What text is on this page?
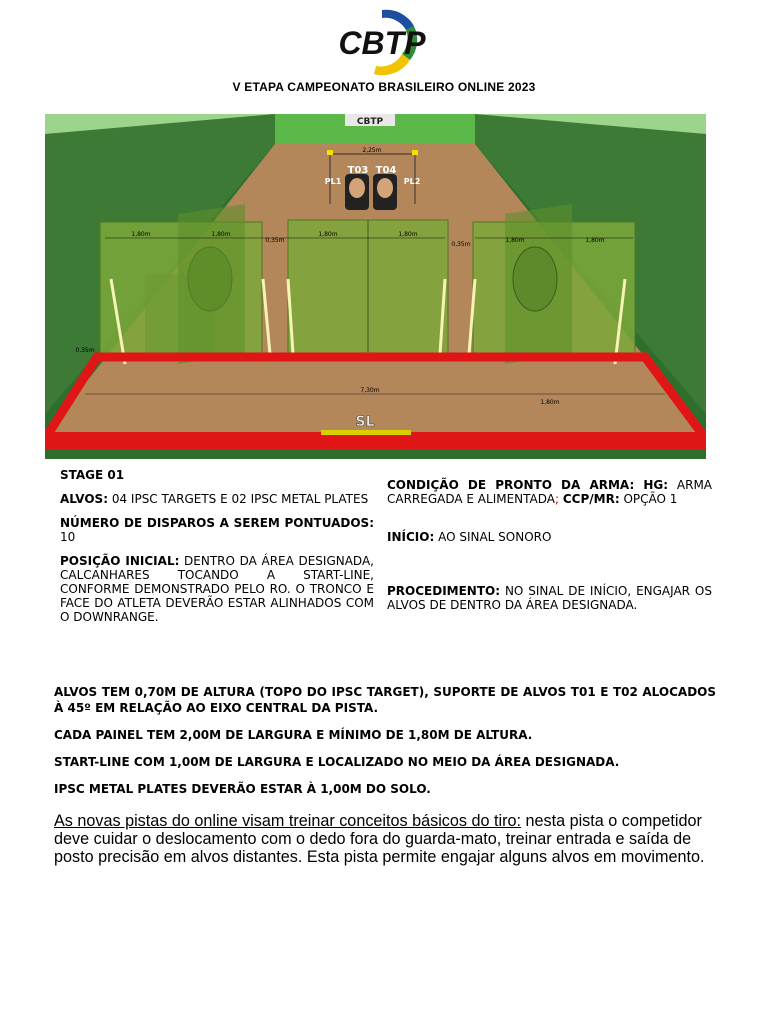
CBTP
V ETAPA CAMPEONATO BRASILEIRO ONLINE 2023
CBTP
2,25m
PL1	PL2
T03 T04
1,80m	1,80m
0,35m
1,80m	1,80m
0,35m
1,80m	1,80m
7,30m
1,80m
0,35m
SL

STAGE 01

ALVOS: 04 IPSC TARGETS E 02 IPSC METAL PLATES

NÚMERO DE DISPAROS A SEREM PONTUADOS: 10

POSIÇÃO INICIAL: DENTRO DA ÁREA DESIGNADA, CALCANHARES TOCANDO A START-LINE, CONFORME DEMONSTRADO PELO RO. O TRONCO E FACE DO ATLETA DEVERÃO ESTAR ALINHADOS COM O DOWNRANGE.

CONDIÇÃO DE PRONTO DA ARMA: HG: ARMA CARREGADA E ALIMENTADA; CCP/MR: OPÇÃO 1

INÍCIO: AO SINAL SONORO

PROCEDIMENTO: NO SINAL DE INÍCIO, ENGAJAR OS ALVOS DE DENTRO DA ÁREA DESIGNADA.

ALVOS TEM 0,70M DE ALTURA (TOPO DO IPSC TARGET), SUPORTE DE ALVOS T01 E T02 ALOCADOS À 45º EM RELAÇÃO AO EIXO CENTRAL DA PISTA.

CADA PAINEL TEM 2,00M DE LARGURA E MÍNIMO DE 1,80M DE ALTURA.

START-LINE COM 1,00M DE LARGURA E LOCALIZADO NO MEIO DA ÁREA DESIGNADA.

IPSC METAL PLATES DEVERÃO ESTAR À 1,00M DO SOLO.

As novas pistas do online visam treinar conceitos básicos do tiro: nesta pista o competidor deve cuidar o deslocamento com o dedo fora do guarda-mato, treinar entrada e saída de posto precisão em alvos distantes. Esta pista permite engajar alguns alvos em movimento.
